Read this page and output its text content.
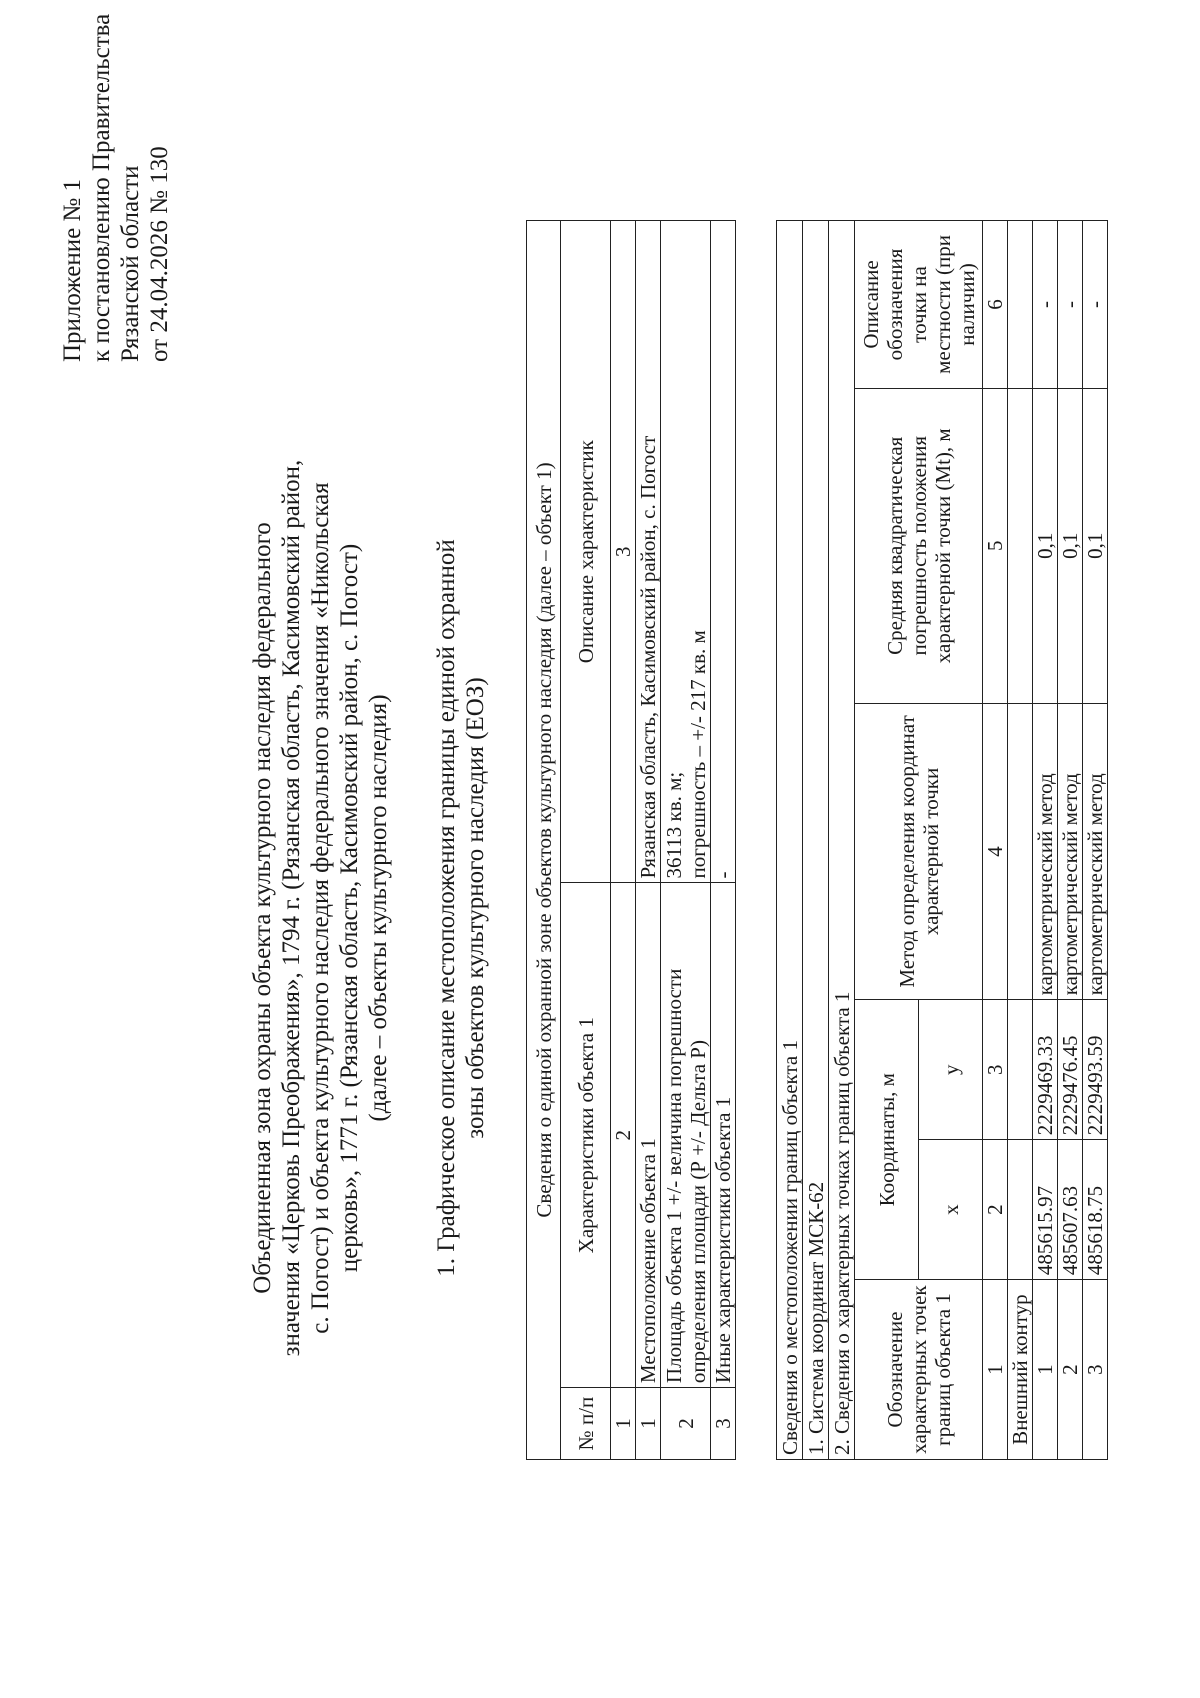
Приложение № 1 к постановлению Правительства Рязанской области от 24.04.2026 № 130
Объединенная зона охраны объекта культурного наследия федерального значения «Церковь Преображения», 1794 г. (Рязанская область, Касимовский район, с. Погост) и объекта культурного наследия федерального значения «Никольская церковь», 1771 г. (Рязанская область, Касимовский район, с. Погост) (далее – объекты культурного наследия) 1. Графическое описание местоположения границы единой охранной зоны объектов культурного наследия (ЕОЗ) Сведения о единой охранной зоне объектов культурного наследия (далее – объект 1)		
№ п/п	Характеристики объекта 1	Описание характеристик
1	2	3
1	Местоположение объекта 1	Рязанская область, Касимовский район, с. Погост
2	Площадь объекта 1 +/- величина погрешности определения площади (Р +/- Дельта Р)	36113 кв. м; погрешность – +/- 217 кв. м

3	Иные характеристики объекта 1	-
Сведения о местоположении границ объекта 1					
1. Система координат МСК-62					
2. Сведения о характерных точках границ объекта 1					
Обозначение характерных точек границ объекта 1	Координаты, м		Метод определения координат характерной точки	Средняя квадратическая погрешность положения характерной точки (Mt), м	Описание обозначения точки на местности (при наличии)
	x	y			
1	2	3	4	5	6
Внешний контур					
1	485615.97	2229469.33	картометрический метод	0,1	-
2	485607.63	2229476.45	картометрический метод	0,1	-
3	485618.75	2229493.59	картометрический метод	0,1	-
